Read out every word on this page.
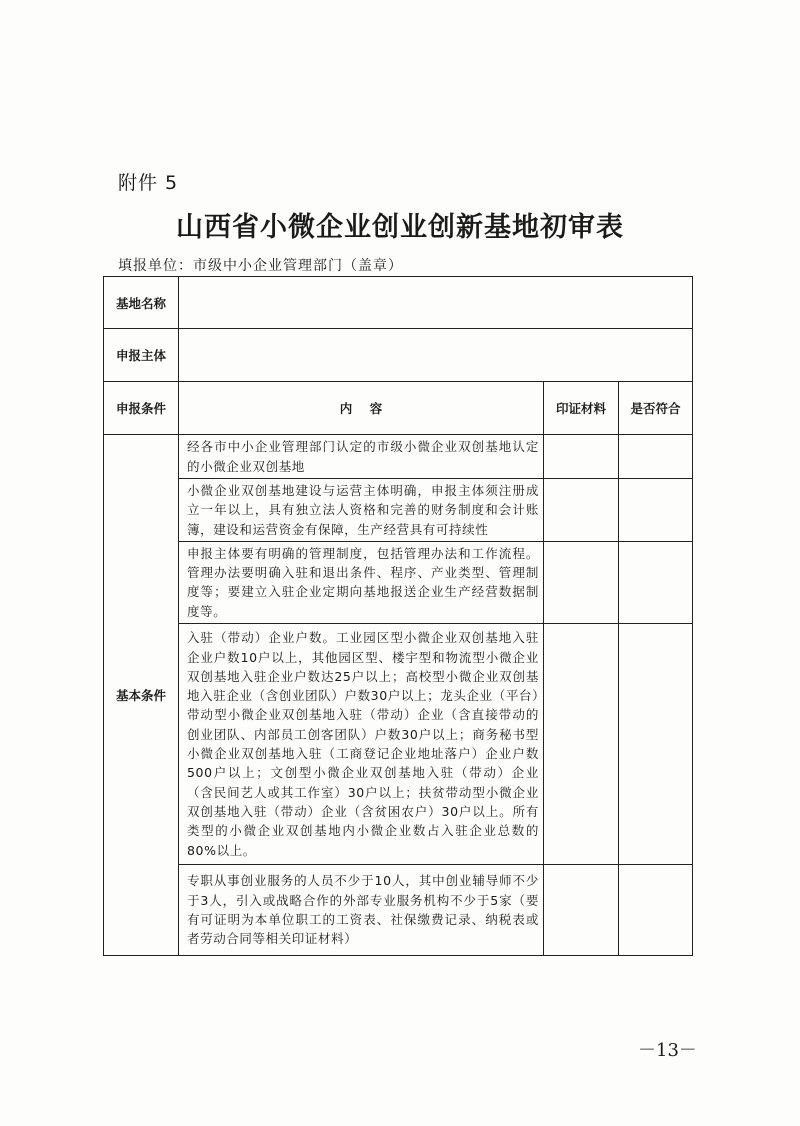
附件 5
山西省小微企业创业创新基地初审表
填报单位：市级中小企业管理部门（盖章）
基地名称			
申报主体			
申报条件	内    容	印证材料	是否符合
基本条件	经各市中小企业管理部门认定的市级小微企业双创基地认定的小微企业双创基地		
	小微企业双创基地建设与运营主体明确，申报主体须注册成立一年以上，具有独立法人资格和完善的财务制度和会计账簿，建设和运营资金有保障，生产经营具有可持续性		
	申报主体要有明确的管理制度，包括管理办法和工作流程。管理办法要明确入驻和退出条件、程序、产业类型、管理制度等；要建立入驻企业定期向基地报送企业生产经营数据制度等。		
	入驻（带动）企业户数。工业园区型小微企业双创基地入驻企业户数10户以上，其他园区型、楼宇型和物流型小微企业双创基地入驻企业户数达25户以上；高校型小微企业双创基地入驻企业（含创业团队）户数30户以上；龙头企业（平台）带动型小微企业双创基地入驻（带动）企业（含直接带动的创业团队、内部员工创客团队）户数30户以上；商务秘书型小微企业双创基地入驻（工商登记企业地址落户）企业户数500户以上；文创型小微企业双创基地入驻（带动）企业（含民间艺人或其工作室）30户以上；扶贫带动型小微企业双创基地入驻（带动）企业（含贫困农户）30户以上。所有类型的小微企业双创基地内小微企业数占入驻企业总数的80%以上。		
	专职从事创业服务的人员不少于10人，其中创业辅导师不少于3人，引入或战略合作的外部专业服务机构不少于5家（要有可证明为本单位职工的工资表、社保缴费记录、纳税表或者劳动合同等相关印证材料）		
－13－
